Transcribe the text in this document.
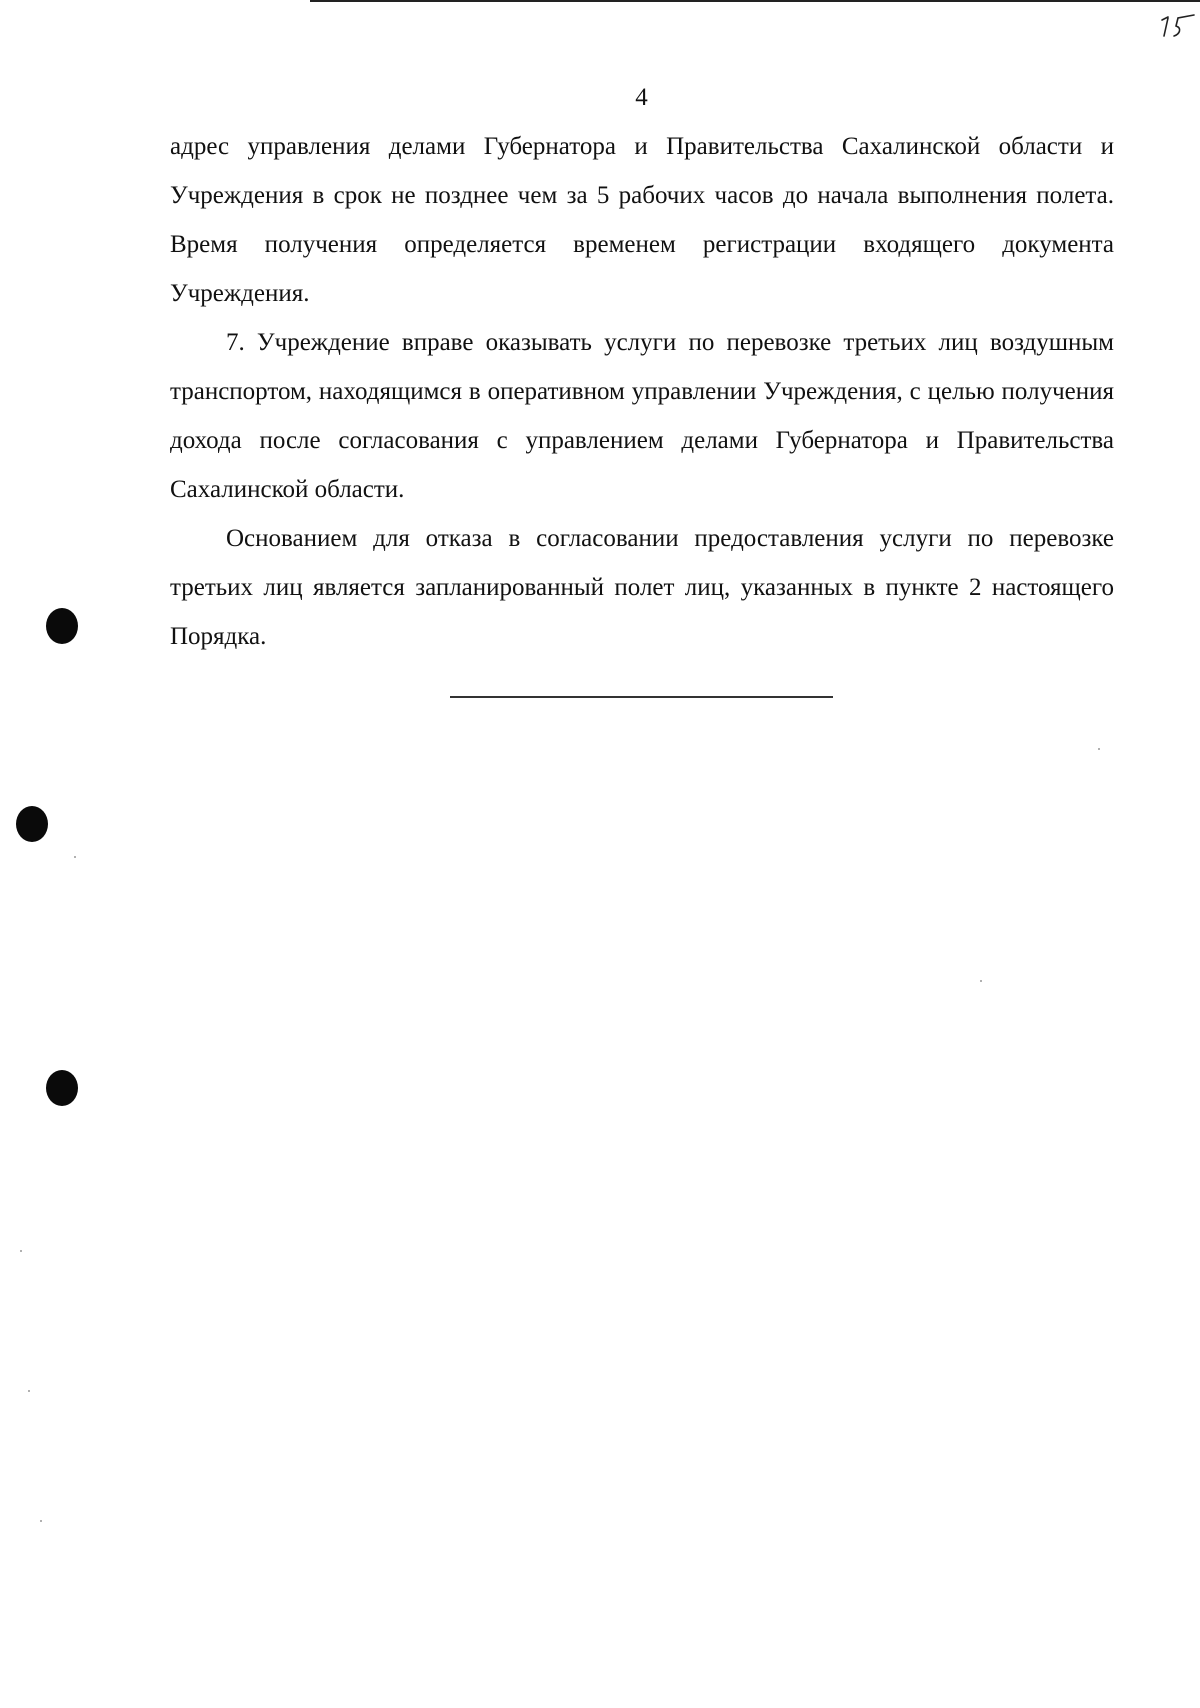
4

адрес управления делами Губернатора и Правительства Сахалинской области и Учреждения в срок не позднее чем за 5 рабочих часов до начала выполнения полета. Время получения определяется временем регистрации входящего документа Учреждения.

7. Учреждение вправе оказывать услуги по перевозке третьих лиц воздушным транспортом, находящимся в оперативном управлении Учреждения, с целью получения дохода после согласования с управлением делами Губернатора и Правительства Сахалинской области.

Основанием для отказа в согласовании предоставления услуги по перевозке третьих лиц является запланированный полет лиц, указанных в пункте 2 настоящего Порядка.
